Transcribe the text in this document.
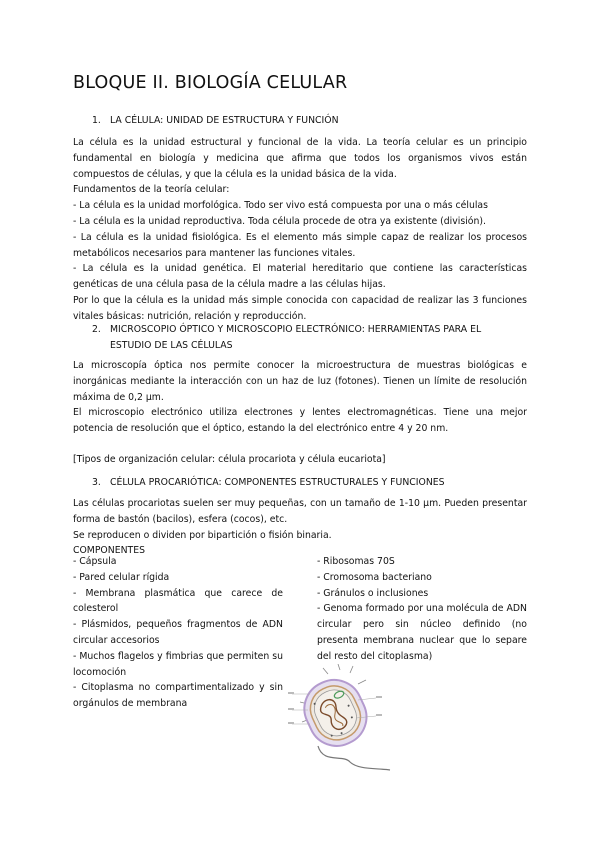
BLOQUE II. BIOLOGÍA CELULAR
1. LA CÉLULA: UNIDAD DE ESTRUCTURA Y FUNCIÓN

La célula es la unidad estructural y funcional de la vida. La teoría celular es un principio fundamental en biología y medicina que afirma que todos los organismos vivos están compuestos de células, y que la célula es la unidad básica de la vida.

Fundamentos de la teoría celular:

- La célula es la unidad morfológica. Todo ser vivo está compuesta por una o más células

- La célula es la unidad reproductiva. Toda célula procede de otra ya existente (división).

- La célula es la unidad fisiológica. Es el elemento más simple capaz de realizar los procesos metabólicos necesarios para mantener las funciones vitales.

- La célula es la unidad genética. El material hereditario que contiene las características genéticas de una célula pasa de la célula madre a las células hijas.

Por lo que la célula es la unidad más simple conocida con capacidad de realizar las 3 funciones vitales básicas: nutrición, relación y reproducción.

2. MICROSCOPIO ÓPTICO Y MICROSCOPIO ELECTRÓNICO: HERRAMIENTAS PARA EL
ESTUDIO DE LAS CÉLULAS

La microscopía óptica nos permite conocer la microestructura de muestras biológicas e inorgánicas mediante la interacción con un haz de luz (fotones). Tienen un límite de resolución máxima de 0,2 µm.

El microscopio electrónico utiliza electrones y lentes electromagnéticas. Tiene una mejor potencia de resolución que el óptico, estando la del electrónico entre 4 y 20 nm.

[Tipos de organización celular: célula procariota y célula eucariota]

3. CÉLULA PROCARIÓTICA: COMPONENTES ESTRUCTURALES Y FUNCIONES

Las células procariotas suelen ser muy pequeñas, con un tamaño de 1-10 µm. Pueden presentar forma de bastón (bacilos), esfera (cocos), etc.

Se reproducen o dividen por bipartición o fisión binaria.

COMPONENTES

- Cápsula

- Pared celular rígida

- Membrana plasmática que carece de colesterol

- Plásmidos, pequeños fragmentos de ADN circular accesorios

- Muchos flagelos y fimbrias que permiten su locomoción

- Citoplasma no compartimentalizado y sin orgánulos de membrana

- Ribosomas 70S

- Cromosoma bacteriano

- Gránulos o inclusiones

- Genoma formado por una molécula de ADN circular pero sin núcleo definido (no presenta membrana nuclear que lo separe del resto del citoplasma)
